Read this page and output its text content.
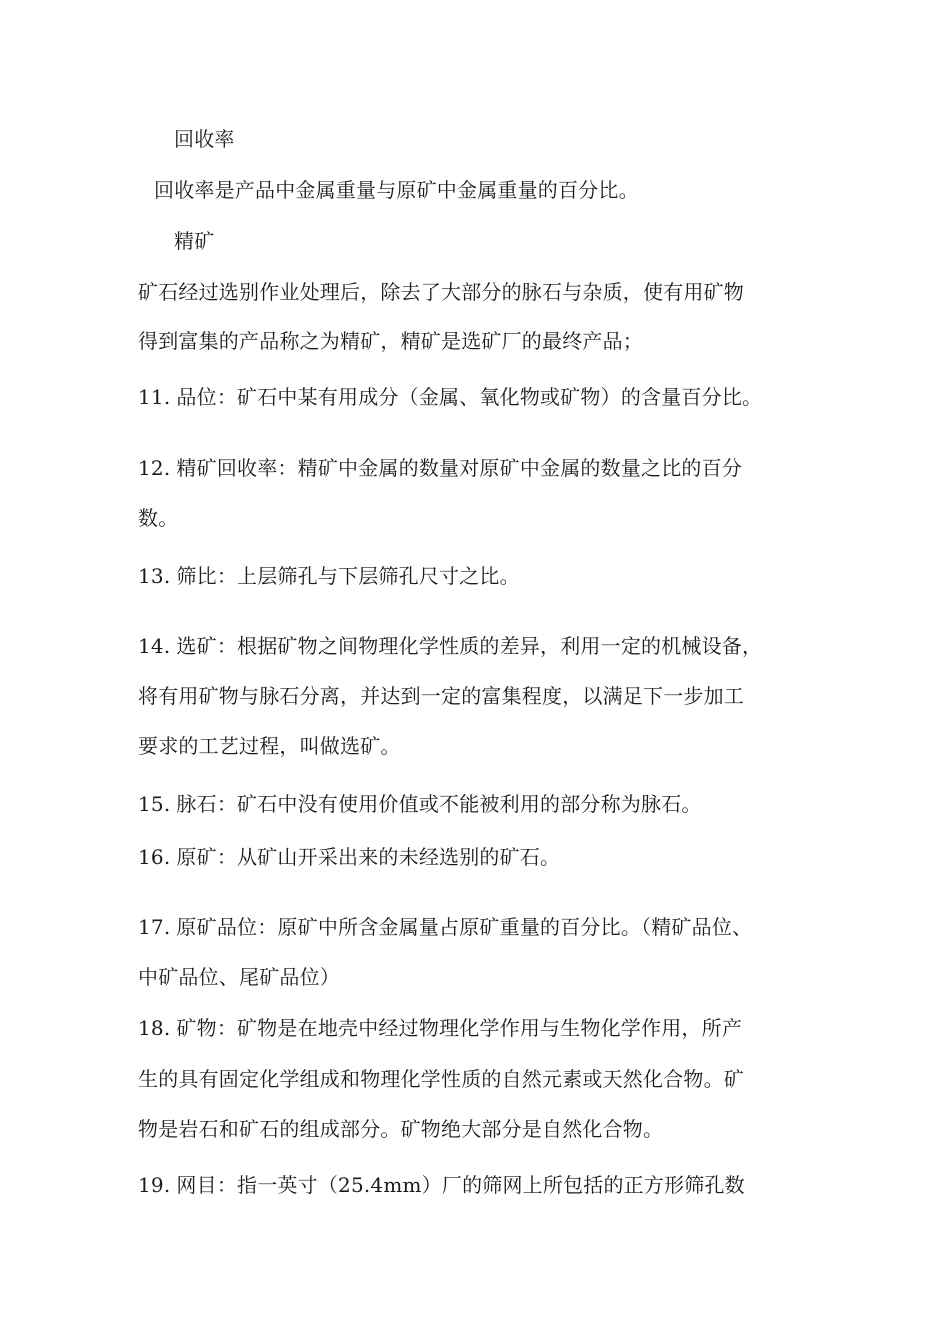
回收率
回收率是产品中金属重量与原矿中金属重量的百分比。
精矿
矿石经过选别作业处理后，除去了大部分的脉石与杂质，使有用矿物
得到富集的产品称之为精矿，精矿是选矿厂的最终产品；
11. 品位：矿石中某有用成分（金属、氧化物或矿物）的含量百分比。
12. 精矿回收率：精矿中金属的数量对原矿中金属的数量之比的百分
数。
13. 筛比：上层筛孔与下层筛孔尺寸之比。
14. 选矿：根据矿物之间物理化学性质的差异，利用一定的机械设备，
将有用矿物与脉石分离，并达到一定的富集程度，以满足下一步加工
要求的工艺过程，叫做选矿。
15. 脉石：矿石中没有使用价值或不能被利用的部分称为脉石。
16. 原矿：从矿山开采出来的未经选别的矿石。
17. 原矿品位：原矿中所含金属量占原矿重量的百分比。（精矿品位、
中矿品位、尾矿品位）
18. 矿物：矿物是在地壳中经过物理化学作用与生物化学作用，所产
生的具有固定化学组成和物理化学性质的自然元素或天然化合物。矿
物是岩石和矿石的组成部分。矿物绝大部分是自然化合物。
19. 网目：指一英寸（25.4mm）厂的筛网上所包括的正方形筛孔数
